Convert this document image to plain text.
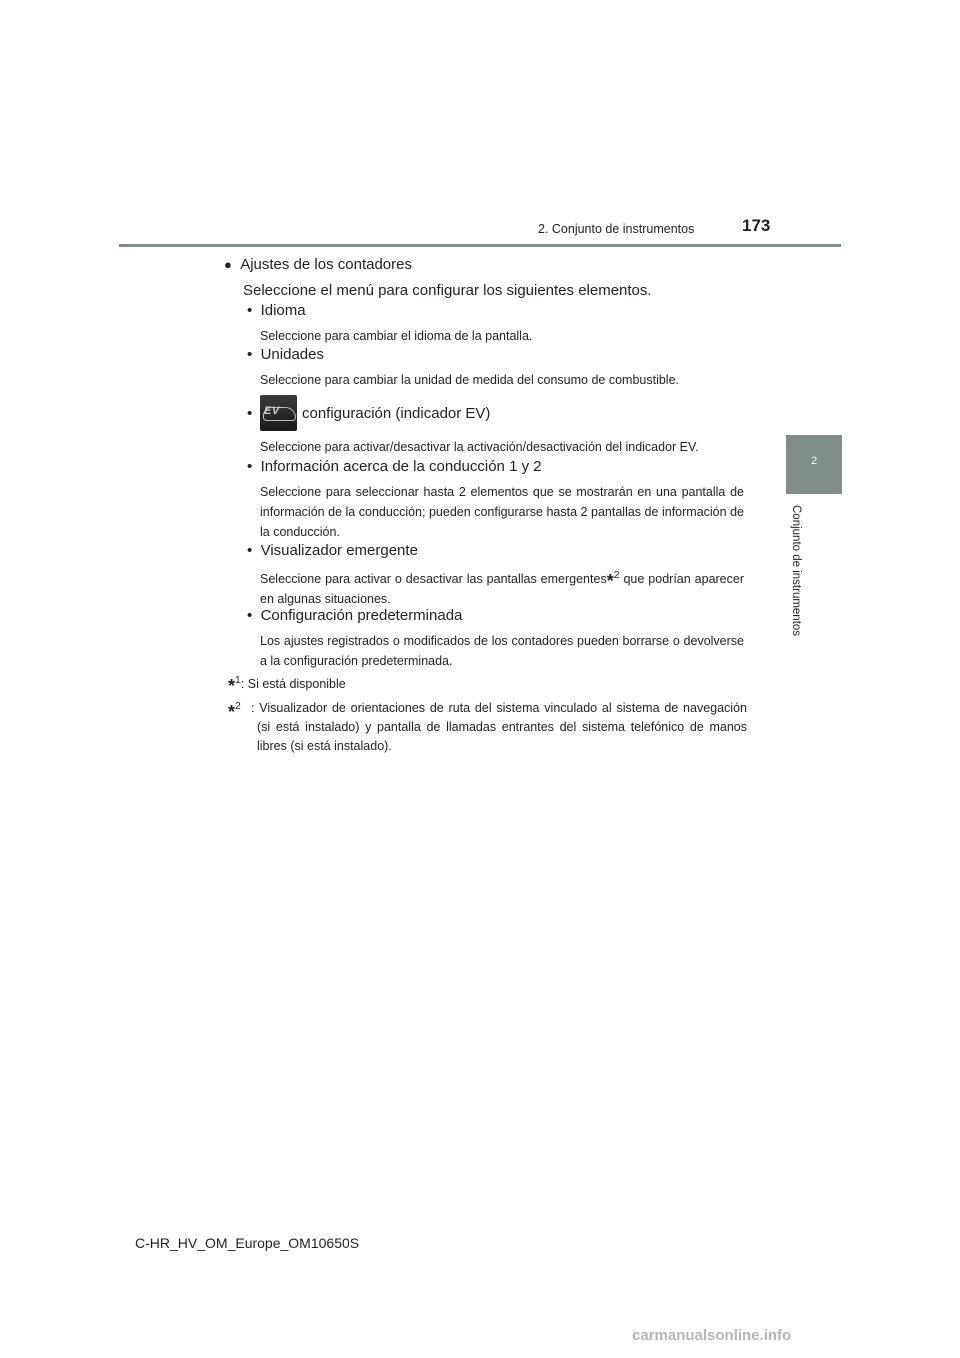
2. Conjunto de instrumentos	173
2
Conjunto de instrumentos
● Ajustes de los contadores
Seleccione el menú para configurar los siguientes elementos.
•  Idioma
Seleccione para cambiar el idioma de la pantalla.
•  Unidades
Seleccione para cambiar la unidad de medida del consumo de combustible.
• EV configuración (indicador EV)
Seleccione para activar/desactivar la activación/desactivación del indicador EV.
•  Información acerca de la conducción 1 y 2
Seleccione para seleccionar hasta 2 elementos que se mostrarán en una pantalla de información de la conducción; pueden configurarse hasta 2 pantallas de información de la conducción.
•  Visualizador emergente
Seleccione para activar o desactivar las pantallas emergentes*$^2$ que podrían aparecer en algunas situaciones.
•  Configuración predeterminada
Los ajustes registrados o modificados de los contadores pueden borrarse o devolverse a la configuración predeterminada.
*$^1$: Si está disponible
*$^2$ : Visualizador de orientaciones de ruta del sistema vinculado al sistema de navegación (si está instalado) y pantalla de llamadas entrantes del sistema telefónico de manos libres (si está instalado).
C-HR_HV_OM_Europe_OM10650S
carmanualsonline.info
